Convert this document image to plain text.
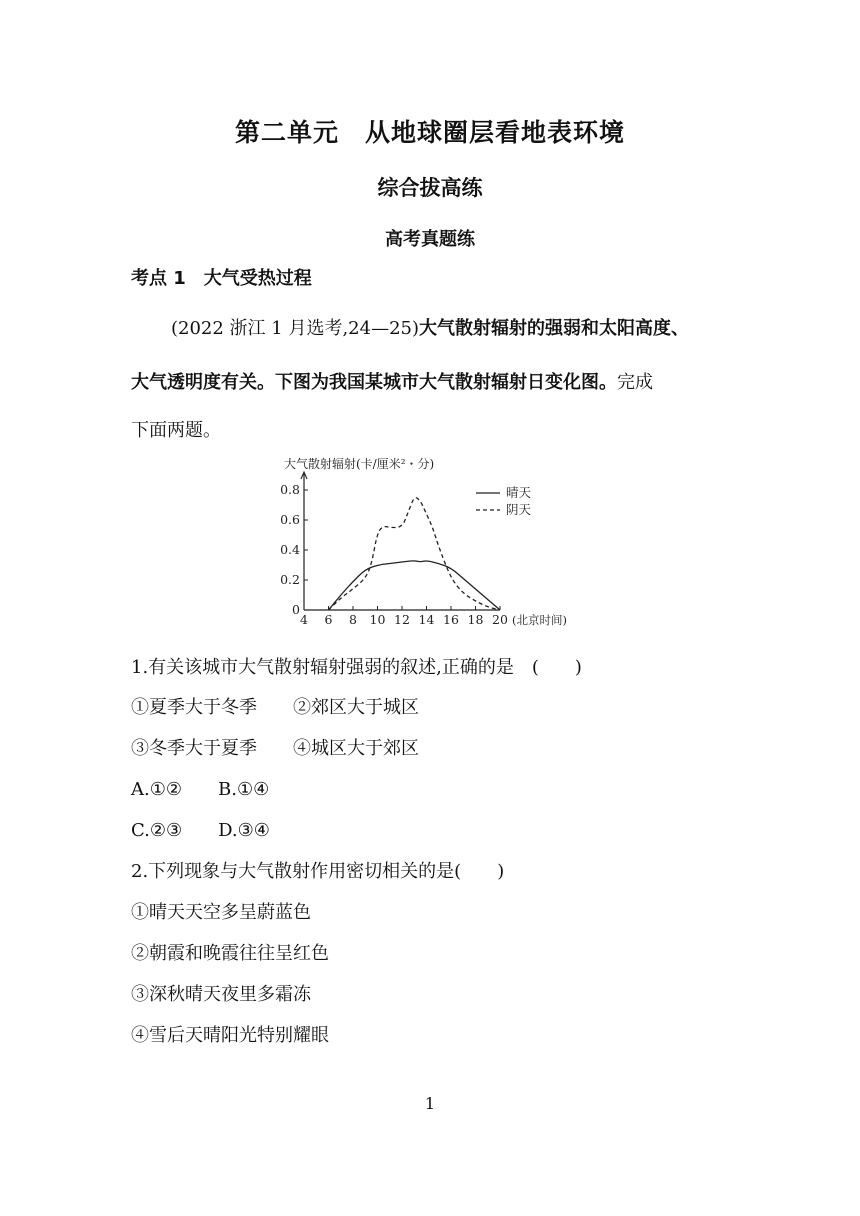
第二单元　从地球圈层看地表环境
综合拔高练
高考真题练
考点 1　大气受热过程
(2022 浙江 1 月选考,24—25)大气散射辐射的强弱和太阳高度、
大气透明度有关。下图为我国某城市大气散射辐射日变化图。完成
下面两题。
0
0.2
0.4
0.6
0.8
4 6 8 10 12 14 16 18 20
晴天
阴天
大气散射辐射(卡/厘米²・分)
(北京时间)
1.有关该城市大气散射辐射强弱的叙述,正确的是　(　　)
①夏季大于冬季　　②郊区大于城区
③冬季大于夏季　　④城区大于郊区
A.①②　　B.①④
C.②③　　D.③④
2.下列现象与大气散射作用密切相关的是(　　)
①晴天天空多呈蔚蓝色
②朝霞和晚霞往往呈红色
③深秋晴天夜里多霜冻
④雪后天晴阳光特别耀眼
1
